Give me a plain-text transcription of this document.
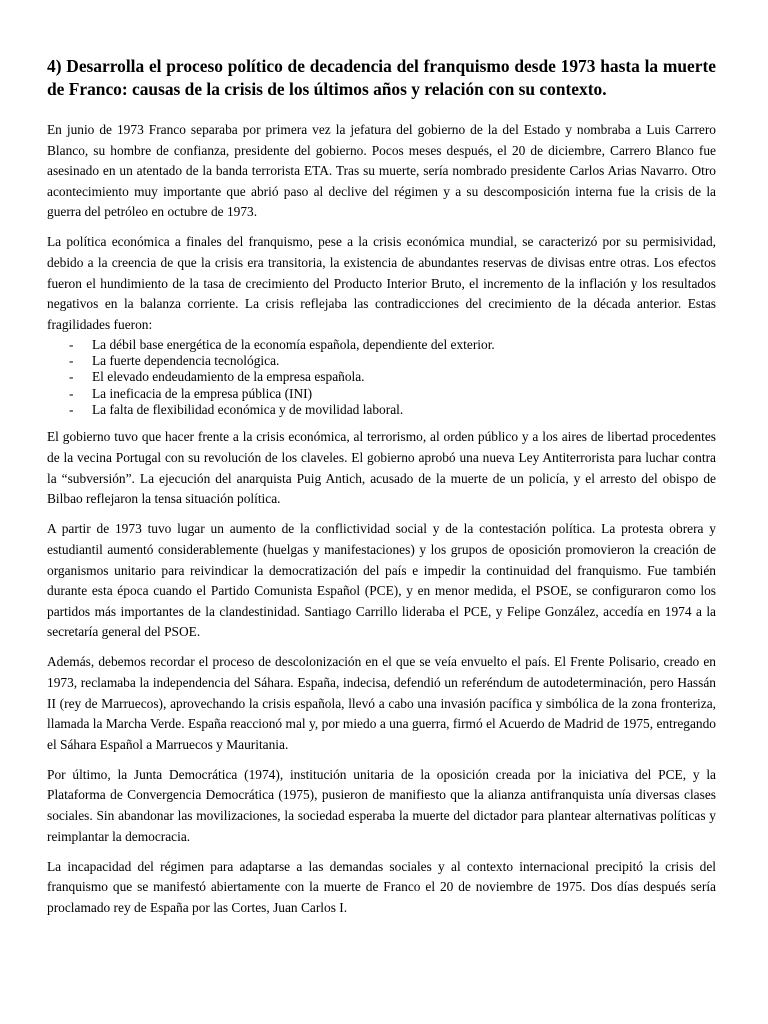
4) Desarrolla el proceso político de decadencia del franquismo desde 1973 hasta la muerte de Franco: causas de la crisis de los últimos años y relación con su contexto.

En junio de 1973 Franco separaba por primera vez la jefatura del gobierno de la del Estado y nombraba a Luis Carrero Blanco, su hombre de confianza, presidente del gobierno. Pocos meses después, el 20 de diciembre, Carrero Blanco fue asesinado en un atentado de la banda terrorista ETA. Tras su muerte, sería nombrado presidente Carlos Arias Navarro. Otro acontecimiento muy importante que abrió paso al declive del régimen y a su descomposición interna fue la crisis de la guerra del petróleo en octubre de 1973.

La política económica a finales del franquismo, pese a la crisis económica mundial, se caracterizó por su permisividad, debido a la creencia de que la crisis era transitoria, la existencia de abundantes reservas de divisas entre otras. Los efectos fueron el hundimiento de la tasa de crecimiento del Producto Interior Bruto, el incremento de la inflación y los resultados negativos en la balanza corriente. La crisis reflejaba las contradicciones del crecimiento de la década anterior. Estas fragilidades fueron:

- La débil base energética de la economía española, dependiente del exterior.
- La fuerte dependencia tecnológica.
- El elevado endeudamiento de la empresa española.
- La ineficacia de la empresa pública (INI)
- La falta de flexibilidad económica y de movilidad laboral.

El gobierno tuvo que hacer frente a la crisis económica, al terrorismo, al orden público y a los aires de libertad procedentes de la vecina Portugal con su revolución de los claveles. El gobierno aprobó una nueva Ley Antiterrorista para luchar contra la “subversión”. La ejecución del anarquista Puig Antich, acusado de la muerte de un policía, y el arresto del obispo de Bilbao reflejaron la tensa situación política.

A partir de 1973 tuvo lugar un aumento de la conflictividad social y de la contestación política. La protesta obrera y estudiantil aumentó considerablemente (huelgas y manifestaciones) y los grupos de oposición promovieron la creación de organismos unitario para reivindicar la democratización del país e impedir la continuidad del franquismo. Fue también durante esta época cuando el Partido Comunista Español (PCE), y en menor medida, el PSOE, se configuraron como los partidos más importantes de la clandestinidad. Santiago Carrillo lideraba el PCE, y Felipe González, accedía en 1974 a la secretaría general del PSOE.

Además, debemos recordar el proceso de descolonización en el que se veía envuelto el país. El Frente Polisario, creado en 1973, reclamaba la independencia del Sáhara. España, indecisa, defendió un referéndum de autodeterminación, pero Hassán II (rey de Marruecos), aprovechando la crisis española, llevó a cabo una invasión pacífica y simbólica de la zona fronteriza, llamada la Marcha Verde. España reaccionó mal y, por miedo a una guerra, firmó el Acuerdo de Madrid de 1975, entregando el Sáhara Español a Marruecos y Mauritania.

Por último, la Junta Democrática (1974), institución unitaria de la oposición creada por la iniciativa del PCE, y la Plataforma de Convergencia Democrática (1975), pusieron de manifiesto que la alianza antifranquista unía diversas clases sociales. Sin abandonar las movilizaciones, la sociedad esperaba la muerte del dictador para plantear alternativas políticas y reimplantar la democracia.

La incapacidad del régimen para adaptarse a las demandas sociales y al contexto internacional precipitó la crisis del franquismo que se manifestó abiertamente con la muerte de Franco el 20 de noviembre de 1975. Dos días después sería proclamado rey de España por las Cortes, Juan Carlos I.
